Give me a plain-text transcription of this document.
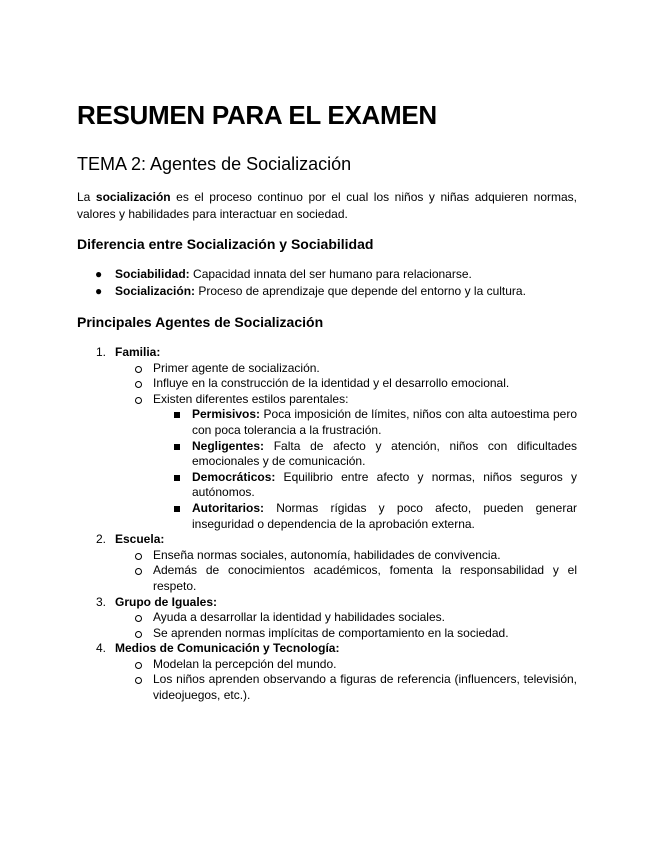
RESUMEN PARA EL EXAMEN
TEMA 2: Agentes de Socialización

La socialización es el proceso continuo por el cual los niños y niñas adquieren normas, valores y habilidades para interactuar en sociedad.

Diferencia entre Socialización y Sociabilidad
● Sociabilidad: Capacidad innata del ser humano para relacionarse.
● Socialización: Proceso de aprendizaje que depende del entorno y la cultura.
Principales Agentes de Socialización
1. Familia:
Primer agente de socialización.
Influye en la construcción de la identidad y el desarrollo emocional.
Existen diferentes estilos parentales:
Permisivos: Poca imposición de límites, niños con alta autoestima pero con poca tolerancia a la frustración.
Negligentes: Falta de afecto y atención, niños con dificultades emocionales y de comunicación.
Democráticos: Equilibrio entre afecto y normas, niños seguros y autónomos.
Autoritarios: Normas rígidas y poco afecto, pueden generar inseguridad o dependencia de la aprobación externa.
2. Escuela:
Enseña normas sociales, autonomía, habilidades de convivencia.
Además de conocimientos académicos, fomenta la responsabilidad y el respeto.
3. Grupo de Iguales:
Ayuda a desarrollar la identidad y habilidades sociales.
Se aprenden normas implícitas de comportamiento en la sociedad.
4. Medios de Comunicación y Tecnología:
Modelan la percepción del mundo.
Los niños aprenden observando a figuras de referencia (influencers, televisión, videojuegos, etc.).
